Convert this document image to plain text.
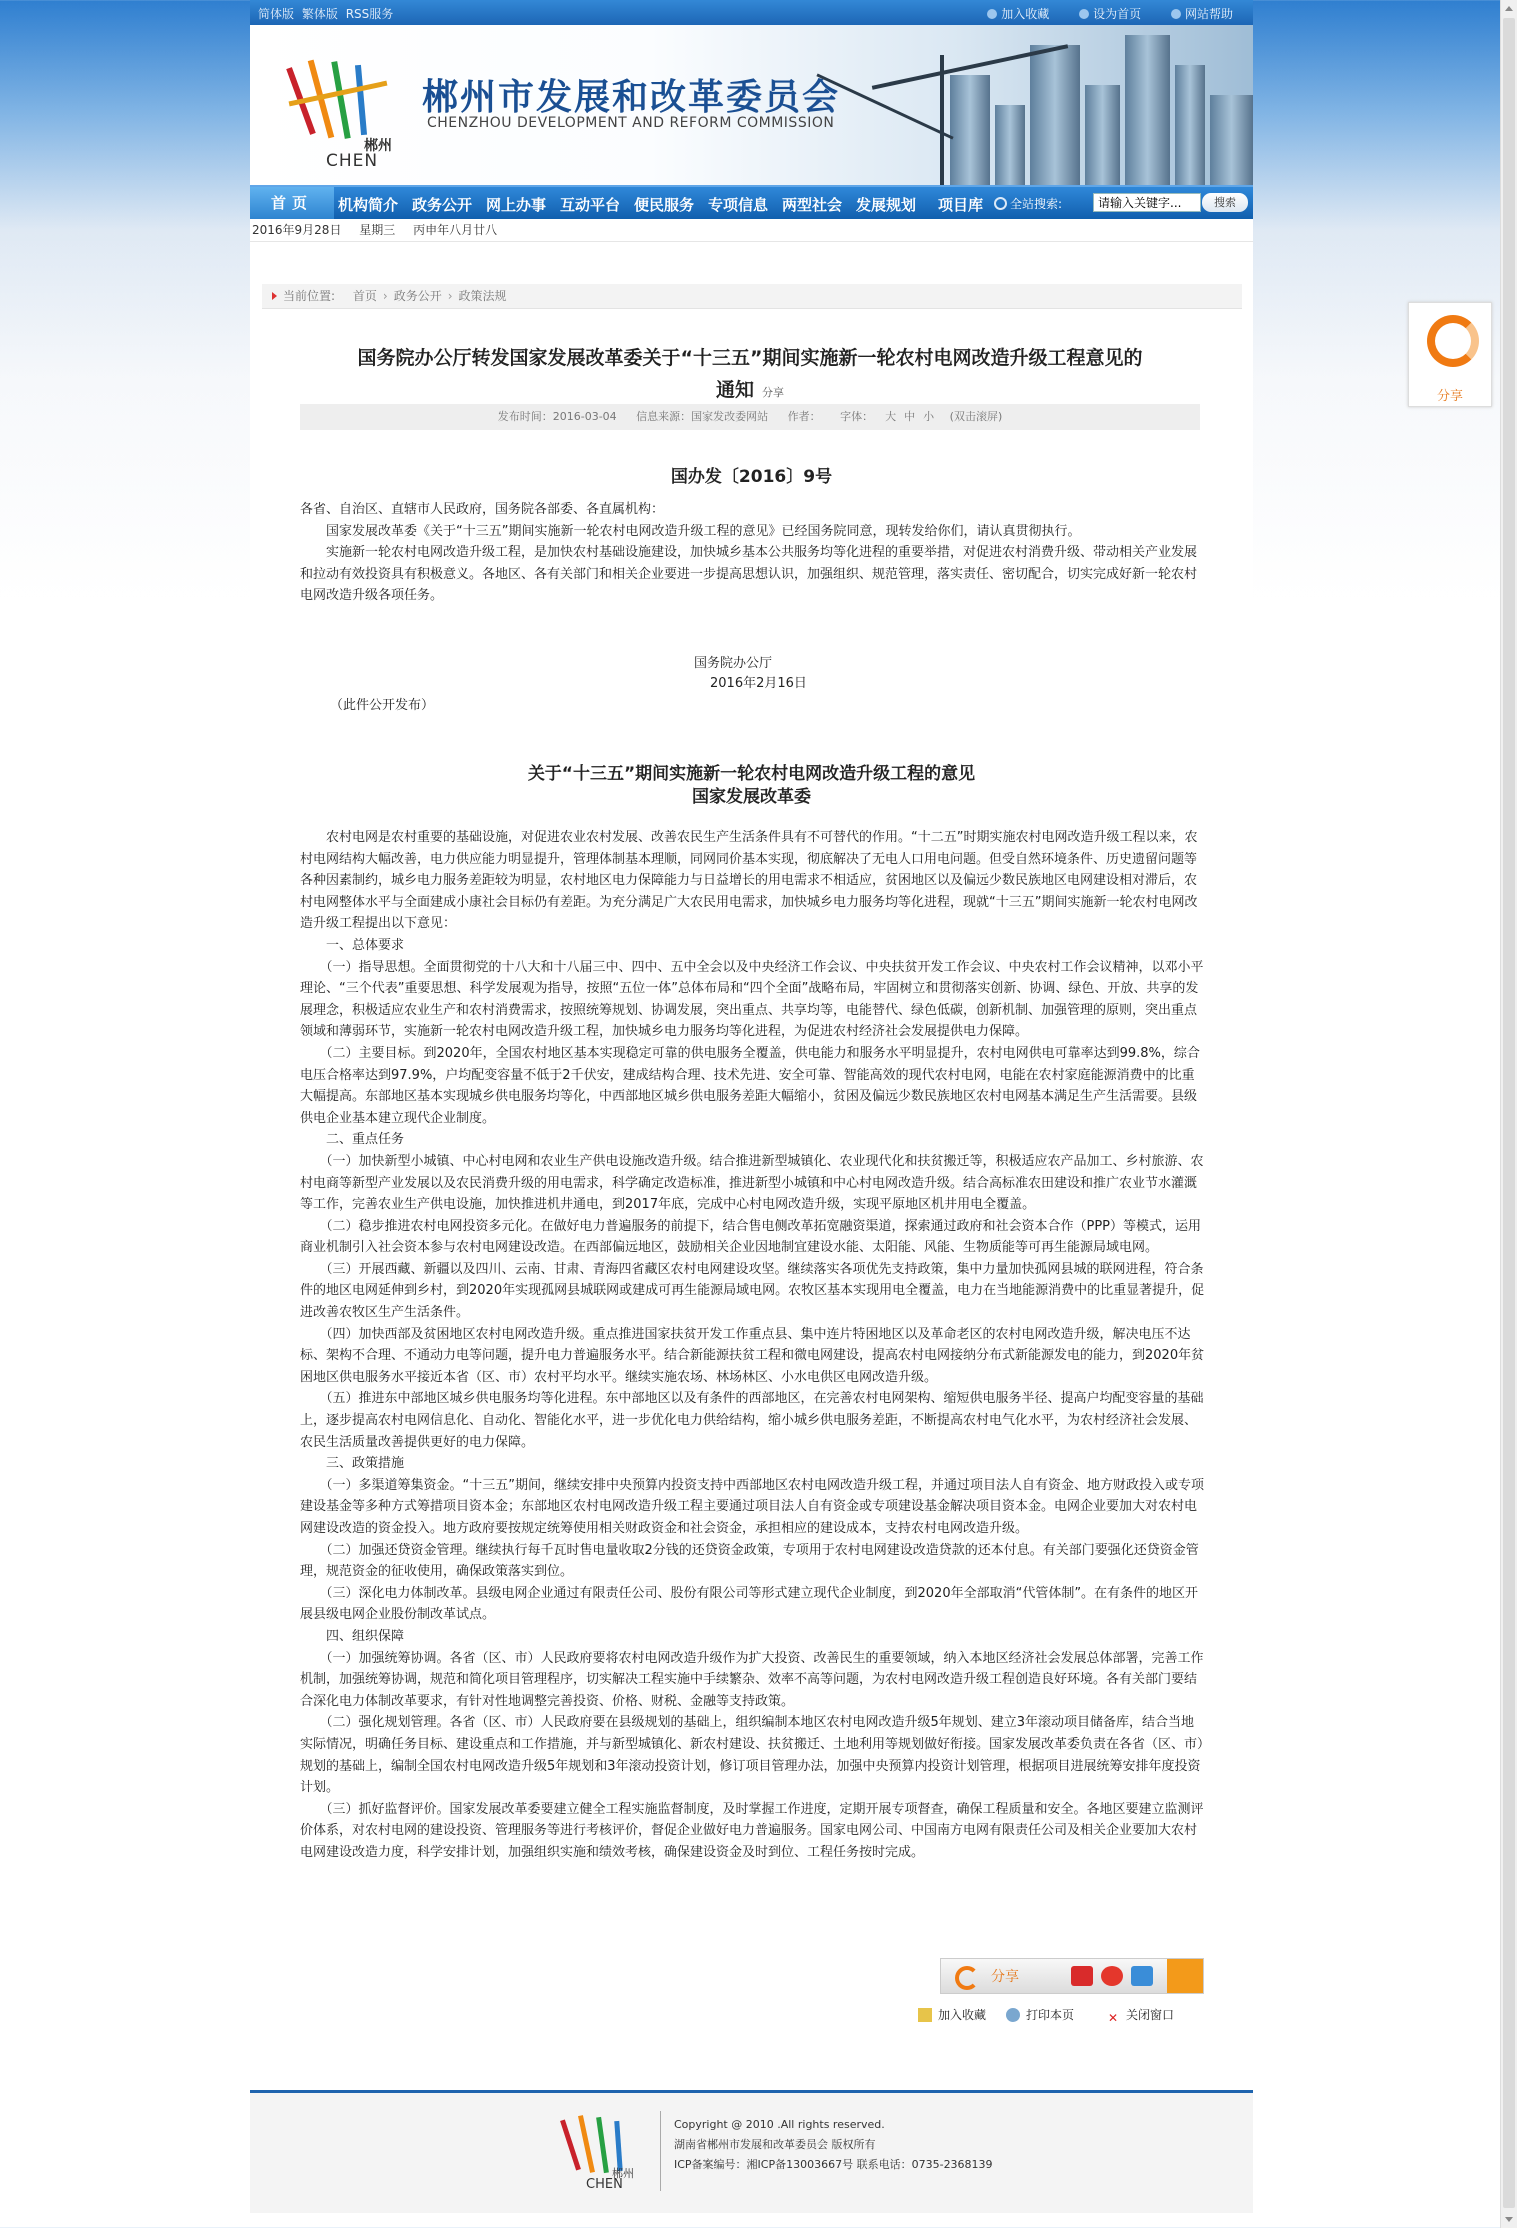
简体版 繁体版 RSS服务	加入收藏	设为首页	网站帮助
郴州
CHEN
郴州市发展和改革委员会
CHENZHOU DEVELOPMENT AND REFORM COMMISSION
首页	机构简介 政务公开 网上办事 互动平台 便民服务 专项信息 两型社会 发展规划 项目库 全站搜索:
请输入关键字...	搜索
2016年9月28日 星期三 丙申年八月廿八
当前位置: 首页 › 政务公开 › 政策法规
国务院办公厅转发国家发展改革委关于“十三五”期间实施新一轮农村电网改造升级工程意见的
通知 分享
发布时间：2016-03-04 信息来源：国家发改委网站 作者： 字体： 大 中 小 (双击滚屏)
国办发〔2016〕9号

各省、自治区、直辖市人民政府，国务院各部委、各直属机构：

　　国家发展改革委《关于“十三五”期间实施新一轮农村电网改造升级工程的意见》已经国务院同意，现转发给你们，请认真贯彻执行。

　　实施新一轮农村电网改造升级工程，是加快农村基础设施建设，加快城乡基本公共服务均等化进程的重要举措，对促进农村消费升级、带动相关产业发展和拉动有效投资具有积极意义。各地区、各有关部门和相关企业要进一步提高思想认识，加强组织、规范管理，落实责任、密切配合，切实完成好新一轮农村电网改造升级各项任务。

国务院办公厅
2016年2月16日
（此件公开发布）
关于“十三五”期间实施新一轮农村电网改造升级工程的意见
国家发展改革委

　　农村电网是农村重要的基础设施，对促进农业农村发展、改善农民生产生活条件具有不可替代的作用。“十二五”时期实施农村电网改造升级工程以来，农村电网结构大幅改善，电力供应能力明显提升，管理体制基本理顺，同网同价基本实现，彻底解决了无电人口用电问题。但受自然环境条件、历史遗留问题等各种因素制约，城乡电力服务差距较为明显，农村地区电力保障能力与日益增长的用电需求不相适应，贫困地区以及偏远少数民族地区电网建设相对滞后，农村电网整体水平与全面建成小康社会目标仍有差距。为充分满足广大农民用电需求，加快城乡电力服务均等化进程，现就“十三五”期间实施新一轮农村电网改造升级工程提出以下意见：

　　一、总体要求

　　（一）指导思想。全面贯彻党的十八大和十八届三中、四中、五中全会以及中央经济工作会议、中央扶贫开发工作会议、中央农村工作会议精神，以邓小平理论、“三个代表”重要思想、科学发展观为指导，按照“五位一体”总体布局和“四个全面”战略布局，牢固树立和贯彻落实创新、协调、绿色、开放、共享的发展理念，积极适应农业生产和农村消费需求，按照统筹规划、协调发展，突出重点、共享均等，电能替代、绿色低碳，创新机制、加强管理的原则，突出重点领域和薄弱环节，实施新一轮农村电网改造升级工程，加快城乡电力服务均等化进程，为促进农村经济社会发展提供电力保障。

　　（二）主要目标。到2020年，全国农村地区基本实现稳定可靠的供电服务全覆盖，供电能力和服务水平明显提升，农村电网供电可靠率达到99.8%，综合电压合格率达到97.9%，户均配变容量不低于2千伏安，建成结构合理、技术先进、安全可靠、智能高效的现代农村电网，电能在农村家庭能源消费中的比重大幅提高。东部地区基本实现城乡供电服务均等化，中西部地区城乡供电服务差距大幅缩小，贫困及偏远少数民族地区农村电网基本满足生产生活需要。县级供电企业基本建立现代企业制度。

　　二、重点任务

　　（一）加快新型小城镇、中心村电网和农业生产供电设施改造升级。结合推进新型城镇化、农业现代化和扶贫搬迁等，积极适应农产品加工、乡村旅游、农村电商等新型产业发展以及农民消费升级的用电需求，科学确定改造标准，推进新型小城镇和中心村电网改造升级。结合高标准农田建设和推广农业节水灌溉等工作，完善农业生产供电设施，加快推进机井通电，到2017年底，完成中心村电网改造升级，实现平原地区机井用电全覆盖。

　　（二）稳步推进农村电网投资多元化。在做好电力普遍服务的前提下，结合售电侧改革拓宽融资渠道，探索通过政府和社会资本合作（PPP）等模式，运用商业机制引入社会资本参与农村电网建设改造。在西部偏远地区，鼓励相关企业因地制宜建设水能、太阳能、风能、生物质能等可再生能源局域电网。

　　（三）开展西藏、新疆以及四川、云南、甘肃、青海四省藏区农村电网建设攻坚。继续落实各项优先支持政策，集中力量加快孤网县城的联网进程，符合条件的地区电网延伸到乡村，到2020年实现孤网县城联网或建成可再生能源局域电网。农牧区基本实现用电全覆盖，电力在当地能源消费中的比重显著提升，促进改善农牧区生产生活条件。

　　（四）加快西部及贫困地区农村电网改造升级。重点推进国家扶贫开发工作重点县、集中连片特困地区以及革命老区的农村电网改造升级，解决电压不达标、架构不合理、不通动力电等问题，提升电力普遍服务水平。结合新能源扶贫工程和微电网建设，提高农村电网接纳分布式新能源发电的能力，到2020年贫困地区供电服务水平接近本省（区、市）农村平均水平。继续实施农场、林场林区、小水电供区电网改造升级。

　　（五）推进东中部地区城乡供电服务均等化进程。东中部地区以及有条件的西部地区，在完善农村电网架构、缩短供电服务半径、提高户均配变容量的基础上，逐步提高农村电网信息化、自动化、智能化水平，进一步优化电力供给结构，缩小城乡供电服务差距，不断提高农村电气化水平，为农村经济社会发展、农民生活质量改善提供更好的电力保障。

　　三、政策措施

　　（一）多渠道筹集资金。“十三五”期间，继续安排中央预算内投资支持中西部地区农村电网改造升级工程，并通过项目法人自有资金、地方财政投入或专项建设基金等多种方式筹措项目资本金；东部地区农村电网改造升级工程主要通过项目法人自有资金或专项建设基金解决项目资本金。电网企业要加大对农村电网建设改造的资金投入。地方政府要按规定统筹使用相关财政资金和社会资金，承担相应的建设成本，支持农村电网改造升级。

　　（二）加强还贷资金管理。继续执行每千瓦时售电量收取2分钱的还贷资金政策，专项用于农村电网建设改造贷款的还本付息。有关部门要强化还贷资金管理，规范资金的征收使用，确保政策落实到位。

　　（三）深化电力体制改革。县级电网企业通过有限责任公司、股份有限公司等形式建立现代企业制度，到2020年全部取消“代管体制”。在有条件的地区开展县级电网企业股份制改革试点。

　　四、组织保障

　　（一）加强统筹协调。各省（区、市）人民政府要将农村电网改造升级作为扩大投资、改善民生的重要领域，纳入本地区经济社会发展总体部署，完善工作机制，加强统筹协调，规范和简化项目管理程序，切实解决工程实施中手续繁杂、效率不高等问题，为农村电网改造升级工程创造良好环境。各有关部门要结合深化电力体制改革要求，有针对性地调整完善投资、价格、财税、金融等支持政策。

　　（二）强化规划管理。各省（区、市）人民政府要在县级规划的基础上，组织编制本地区农村电网改造升级5年规划、建立3年滚动项目储备库，结合当地实际情况，明确任务目标、建设重点和工作措施，并与新型城镇化、新农村建设、扶贫搬迁、土地利用等规划做好衔接。国家发展改革委负责在各省（区、市）规划的基础上，编制全国农村电网改造升级5年规划和3年滚动投资计划，修订项目管理办法，加强中央预算内投资计划管理，根据项目进展统筹安排年度投资计划。

　　（三）抓好监督评价。国家发展改革委要建立健全工程实施监督制度，及时掌握工作进度，定期开展专项督查，确保工程质量和安全。各地区要建立监测评价体系，对农村电网的建设投资、管理服务等进行考核评价，督促企业做好电力普遍服务。国家电网公司、中国南方电网有限责任公司及相关企业要加大农村电网建设改造力度，科学安排计划，加强组织实施和绩效考核，确保建设资金及时到位、工程任务按时完成。

分享
加入收藏	打印本页	✕ 关闭窗口
郴州
CHEN
Copyright @ 2010 .All rights reserved.
湖南省郴州市发展和改革委员会 版权所有
ICP备案编号：湘ICP备13003667号 联系电话：0735-2368139
分享
